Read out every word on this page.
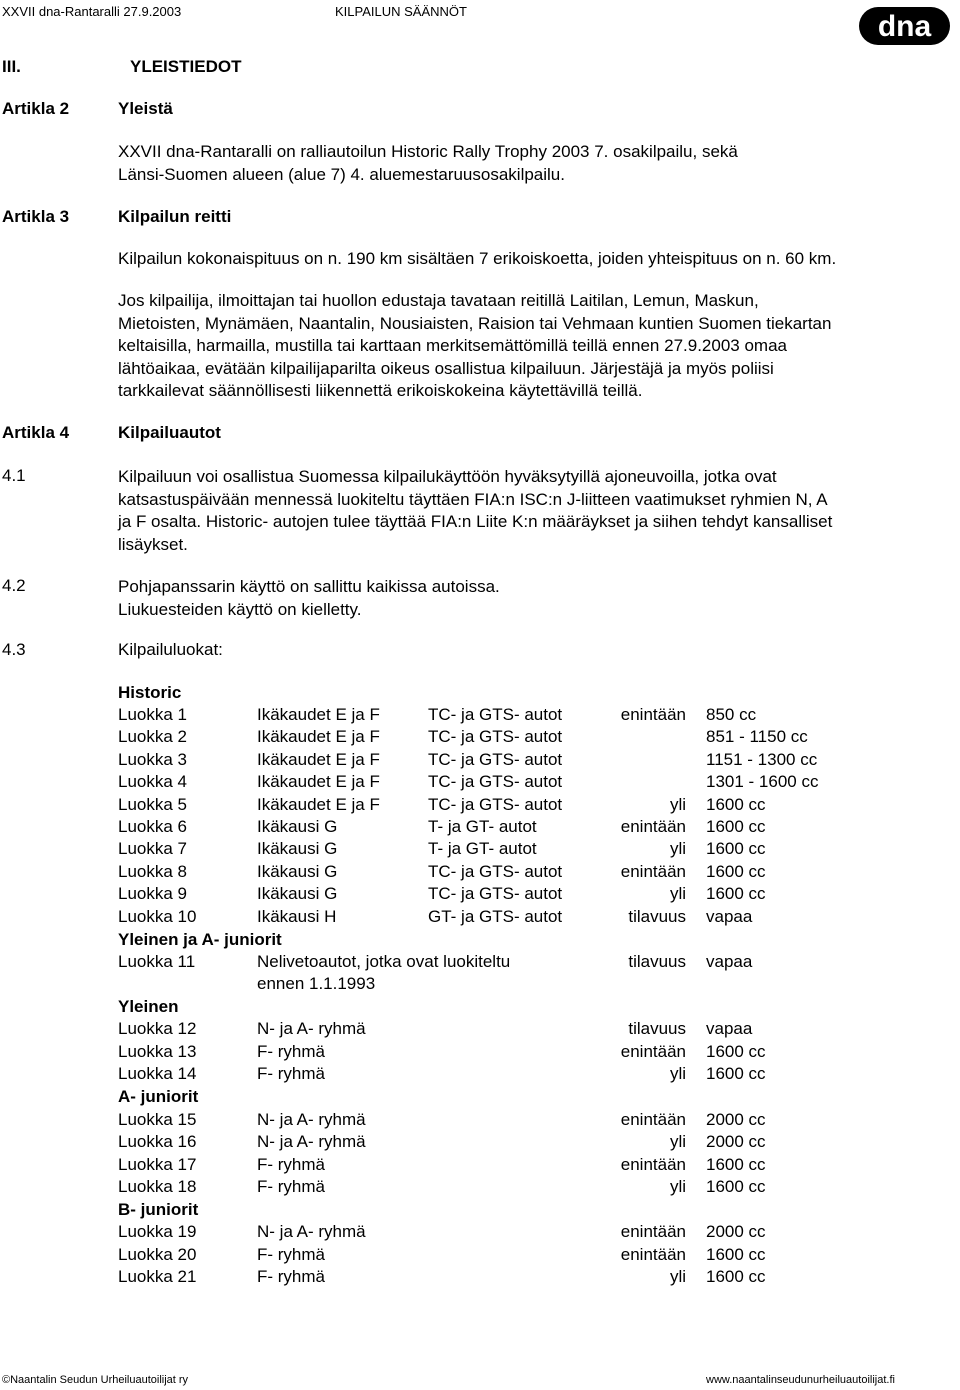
XXVII dna-Rantaralli 27.9.2003	KILPAILUN SÄÄNNÖT	dna
III.	YLEISTIEDOT
Artikla 2	Yleistä
XXVII dna-Rantaralli on ralliautoilun Historic Rally Trophy 2003 7. osakilpailu, sekä
Länsi-Suomen alueen (alue 7) 4. aluemestaruusosakilpailu.
Artikla 3	Kilpailun reitti
Kilpailun kokonaispituus on n. 190 km sisältäen 7 erikoiskoetta, joiden yhteispituus on n. 60 km.
Jos kilpailija, ilmoittajan tai huollon edustaja tavataan reitillä Laitilan, Lemun, Maskun,
Mietoisten, Mynämäen, Naantalin, Nousiaisten, Raision tai Vehmaan kuntien Suomen tiekartan
keltaisilla, harmailla, mustilla tai karttaan merkitsemättömillä teillä ennen 27.9.2003 omaa
lähtöaikaa, evätään kilpailijaparilta oikeus osallistua kilpailuun. Järjestäjä ja myös poliisi
tarkkailevat säännöllisesti liikennettä erikoiskokeina käytettävillä teillä.
Artikla 4	Kilpailuautot
4.1	Kilpailuun voi osallistua Suomessa kilpailukäyttöön hyväksytyillä ajoneuvoilla, jotka ovat
katsastuspäivään mennessä luokiteltu täyttäen FIA:n ISC:n J-liitteen vaatimukset ryhmien N, A
ja F osalta. Historic- autojen tulee täyttää FIA:n Liite K:n määräykset ja siihen tehdyt kansalliset
lisäykset.
4.2	Pohjapanssarin käyttö on sallittu kaikissa autoissa.
Liukuesteiden käyttö on kielletty.
4.3	Kilpailuluokat:
Historic
Luokka 1	Ikäkaudet E ja F	TC- ja GTS- autot	enintään 850 cc
Luokka 2	Ikäkaudet E ja F	TC- ja GTS- autot	851 - 1150 cc
Luokka 3	Ikäkaudet E ja F	TC- ja GTS- autot	1151 - 1300 cc
Luokka 4	Ikäkaudet E ja F	TC- ja GTS- autot	1301 - 1600 cc
Luokka 5	Ikäkaudet E ja F	TC- ja GTS- autot	yli 1600 cc
Luokka 6	Ikäkausi G	T- ja GT- autot	enintään 1600 cc
Luokka 7	Ikäkausi G	T- ja GT- autot	yli 1600 cc
Luokka 8	Ikäkausi G	TC- ja GTS- autot	enintään 1600 cc
Luokka 9	Ikäkausi G	TC- ja GTS- autot	yli 1600 cc
Luokka 10	Ikäkausi H	GT- ja GTS- autot	tilavuus vapaa
Yleinen ja A- juniorit
Luokka 11	Nelivetoautot, jotka ovat luokiteltu	tilavuus vapaa
ennen 1.1.1993
Yleinen
Luokka 12	N- ja A- ryhmä	tilavuus vapaa
Luokka 13	F- ryhmä	enintään 1600 cc
Luokka 14	F- ryhmä	yli 1600 cc
A- juniorit
Luokka 15	N- ja A- ryhmä	enintään 2000 cc
Luokka 16	N- ja A- ryhmä	yli 2000 cc
Luokka 17	F- ryhmä	enintään 1600 cc
Luokka 18	F- ryhmä	yli 1600 cc
B- juniorit
Luokka 19	N- ja A- ryhmä	enintään 2000 cc
Luokka 20	F- ryhmä	enintään 1600 cc
Luokka 21	F- ryhmä	yli 1600 cc
©Naantalin Seudun Urheiluautoilijat ry	www.naantalinseudunurheiluautoilijat.fi
